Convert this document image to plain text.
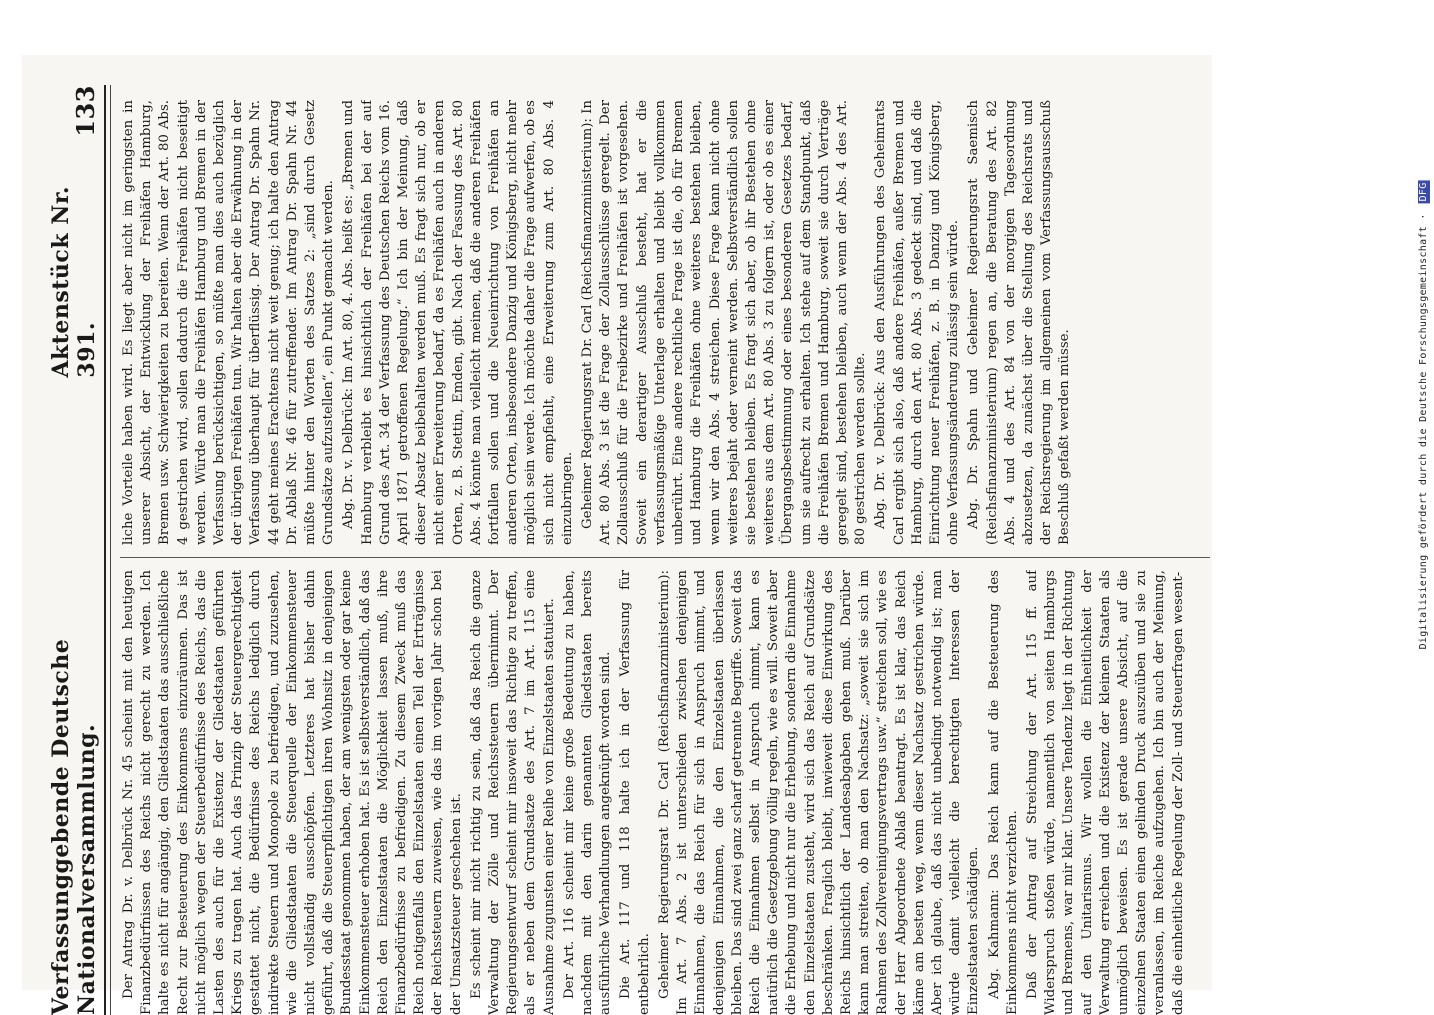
Verfassunggebende Deutsche Nationalversammlung.
Aktenstück Nr. 391.
133

Der Antrag Dr. v. Delbrück Nr. 45 scheint mit den heutigen Finanzbedürfnissen des Reichs nicht gerecht zu werden. Ich halte es nicht für angängig, den Gliedstaaten das ausschließliche Recht zur Besteuerung des Einkommens einzuräumen. Das ist nicht möglich wegen der Steuerbedürfnisse des Reichs, das die Lasten des auch für die Existenz der Gliedstaaten geführten Kriegs zu tragen hat. Auch das Prinzip der Steuergerechtigkeit gestattet nicht, die Bedürfnisse des Reichs lediglich durch indirekte Steuern und Monopole zu befriedigen, und zuzusehen, wie die Gliedstaaten die Steuerquelle der Einkommensteuer nicht vollständig ausschöpfen. Letzteres hat bisher dahin geführt, daß die Steuerpflichtigen ihren Wohnsitz in denjenigen Bundesstaat genommen haben, der am wenigsten oder gar keine Einkommensteuer erhoben hat. Es ist selbstverständlich, daß das Reich den Einzelstaaten die Möglichkeit lassen muß, ihre Finanzbedürfnisse zu befriedigen. Zu diesem Zweck muß das Reich notigenfalls den Einzelstaaten einen Teil der Erträgnisse der Reichssteuern zuweisen, wie das im vorigen Jahr schon bei der Umsatzsteuer geschehen ist. Es scheint mir nicht richtig zu sein, daß das Reich die ganze Verwaltung der Zölle und Reichssteuern übernimmt. Der Regierungsentwurf scheint mir insoweit das Richtige zu treffen, als er neben dem Grundsatze des Art. 7 im Art. 115 eine Ausnahme zugunsten einer Reihe von Einzelstaaten statuiert. Der Art. 116 scheint mir keine große Bedeutung zu haben, nachdem mit den darin genannten Gliedstaaten bereits ausführliche Verhandlungen angeknüpft worden sind. Die Art. 117 und 118 halte ich in der Verfassung für entbehrlich. Geheimer Regierungsrat Dr. Carl (Reichsfinanzministerium): Im Art. 7 Abs. 2 ist unterschieden zwischen denjenigen Einnahmen, die das Reich für sich in Anspruch nimmt, und denjenigen Einnahmen, die den Einzelstaaten überlassen bleiben. Das sind zwei ganz scharf getrennte Begriffe. Soweit das Reich die Einnahmen selbst in Anspruch nimmt, kann es natürlich die Gesetzgebung völlig regeln, wie es will. Soweit aber die Erhebung und nicht nur die Erhebung, sondern die Einnahme den Einzelstaaten zusteht, wird sich das Reich auf Grundsätze beschränken. Fraglich bleibt, inwieweit diese Einwirkung des Reichs hinsichtlich der Landesabgaben gehen muß. Darüber kann man streiten, ob man den Nachsatz: „soweit sie sich im Rahmen des Zollvereinigungsvertrags usw.“ streichen soll, wie es der Herr Abgeordnete Ablaß beantragt. Es ist klar, das Reich käme am besten weg, wenn dieser Nachsatz gestrichen würde. Aber ich glaube, daß das nicht unbedingt notwendig ist; man würde damit vielleicht die berechtigten Interessen der Einzelstaaten schädigen. Abg. Kahmann: Das Reich kann auf die Besteuerung des Einkommens nicht verzichten. Daß der Antrag auf Streichung der Art. 115 ff. auf Widerspruch stoßen würde, namentlich von seiten Hamburgs und Bremens, war mir klar. Unsere Tendenz liegt in der Richtung auf den Unitarismus. Wir wollen die Einheitlichkeit der Verwaltung erreichen und die Existenz der kleinen Staaten als unmöglich beweisen. Es ist gerade unsere Absicht, auf die einzelnen Staaten einen gelinden Druck auszuüben und sie zu veranlassen, im Reiche aufzugehen. Ich bin auch der Meinung, daß die einheitliche Regelung der Zoll- und Steuerfragen wesent-

liche Vorteile haben wird. Es liegt aber nicht im geringsten in unserer Absicht, der Entwicklung der Freihäfen Hamburg, Bremen usw. Schwierigkeiten zu bereiten. Wenn der Art. 80 Abs. 4 gestrichen wird, sollen dadurch die Freihäfen nicht beseitigt werden. Würde man die Freihäfen Hamburg und Bremen in der Verfassung berücksichtigen, so müßte man dies auch bezüglich der übrigen Freihäfen tun. Wir halten aber die Erwähnung in der Verfassung überhaupt für überflüssig. Der Antrag Dr. Spahn Nr. 44 geht meines Erachtens nicht weit genug; ich halte den Antrag Dr. Ablaß Nr. 46 für zutreffender. Im Antrag Dr. Spahn Nr. 44 müßte hinter den Worten des Satzes 2: „sind durch Gesetz Grundsätze aufzustellen“, ein Punkt gemacht werden. Abg. Dr. v. Delbrück: Im Art. 80, 4. Abs. heißt es: „Bremen und Hamburg verbleibt es hinsichtlich der Freihäfen bei der auf Grund des Art. 34 der Verfassung des Deutschen Reichs vom 16. April 1871 getroffenen Regelung.“ Ich bin der Meinung, daß dieser Absatz beibehalten werden muß. Es fragt sich nur, ob er nicht einer Erweiterung bedarf, da es Freihäfen auch in anderen Orten, z. B. Stettin, Emden, gibt. Nach der Fassung des Art. 80 Abs. 4 könnte man vielleicht meinen, daß die anderen Freihäfen fortfallen sollen und die Neueinrichtung von Freihäfen an anderen Orten, insbesondere Danzig und Königsberg, nicht mehr möglich sein werde. Ich möchte daher die Frage aufwerfen, ob es sich nicht empfiehlt, eine Erweiterung zum Art. 80 Abs. 4 einzubringen. Geheimer Regierungsrat Dr. Carl (Reichsfinanzministerium): In Art. 80 Abs. 3 ist die Frage der Zollausschlüsse geregelt. Der Zollausschluß für die Freibezirke und Freihäfen ist vorgesehen. Soweit ein derartiger Ausschluß besteht, hat er die verfassungsmäßige Unterlage erhalten und bleibt vollkommen unberührt. Eine andere rechtliche Frage ist die, ob für Bremen und Hamburg die Freihäfen ohne weiteres bestehen bleiben, wenn wir den Abs. 4 streichen. Diese Frage kann nicht ohne weiteres bejaht oder verneint werden. Selbstverständlich sollen sie bestehen bleiben. Es fragt sich aber, ob ihr Bestehen ohne weiteres aus dem Art. 80 Abs. 3 zu folgern ist, oder ob es einer Übergangsbestimmung oder eines besonderen Gesetzes bedarf, um sie aufrecht zu erhalten. Ich stehe auf dem Standpunkt, daß die Freihäfen Bremen und Hamburg, soweit sie durch Verträge geregelt sind, bestehen bleiben, auch wenn der Abs. 4 des Art. 80 gestrichen werden sollte. Abg. Dr. v. Delbrück: Aus den Ausführungen des Geheimrats Carl ergibt sich also, daß andere Freihäfen, außer Bremen und Hamburg, durch den Art. 80 Abs. 3 gedeckt sind, und daß die Einrichtung neuer Freihäfen, z. B. in Danzig und Königsberg, ohne Verfassungsänderung zulässig sein würde. Abg. Dr. Spahn und Geheimer Regierungsrat Saemisch (Reichsfinanzministerium) regen an, die Beratung des Art. 82 Abs. 4 und des Art. 84 von der morgigen Tagesordnung abzusetzen, da zunächst über die Stellung des Reichsrats und der Reichsregierung im allgemeinen vom Verfassungsausschuß Beschluß gefaßt werden müsse.	Digitalisierung gefördert durch die Deutsche Forschungsgemeinschaft · DFG
